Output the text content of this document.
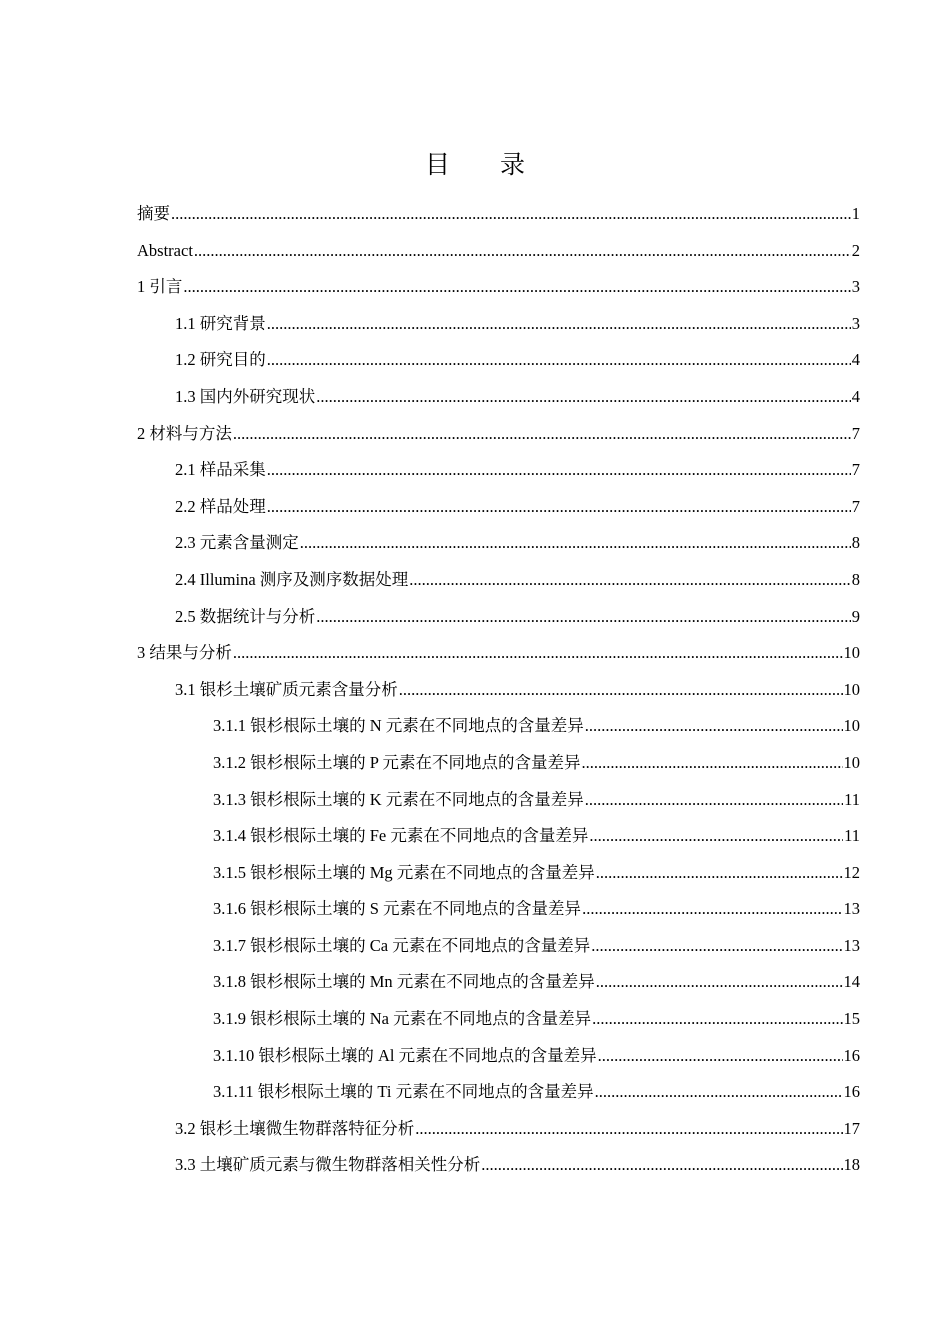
目　　录
摘要 .....	1
Abstract .....	2
1 引言 .....	3
1.1 研究背景 .....	3
1.2 研究目的 .....	4
1.3 国内外研究现状 .....	4
2 材料与方法 .....	7
2.1 样品采集 .....	7
2.2 样品处理 .....	7
2.3 元素含量测定 .....	8
2.4 Illumina 测序及测序数据处理 .....	8
2.5 数据统计与分析 .....	9
3 结果与分析 .....	10
3.1 银杉土壤矿质元素含量分析 .....	10
3.1.1 银杉根际土壤的 N 元素在不同地点的含量差异 .....	10
3.1.2 银杉根际土壤的 P 元素在不同地点的含量差异 .....	10
3.1.3 银杉根际土壤的 K 元素在不同地点的含量差异 .....	11
3.1.4 银杉根际土壤的 Fe 元素在不同地点的含量差异 .....	11
3.1.5 银杉根际土壤的 Mg 元素在不同地点的含量差异 .....	12
3.1.6 银杉根际土壤的 S 元素在不同地点的含量差异 .....	13
3.1.7 银杉根际土壤的 Ca 元素在不同地点的含量差异 .....	13
3.1.8 银杉根际土壤的 Mn 元素在不同地点的含量差异 .....	14
3.1.9 银杉根际土壤的 Na 元素在不同地点的含量差异 .....	15
3.1.10 银杉根际土壤的 Al 元素在不同地点的含量差异 .....	16
3.1.11 银杉根际土壤的 Ti 元素在不同地点的含量差异 .....	16
3.2 银杉土壤微生物群落特征分析 .....	17
3.3 土壤矿质元素与微生物群落相关性分析 .....	18
